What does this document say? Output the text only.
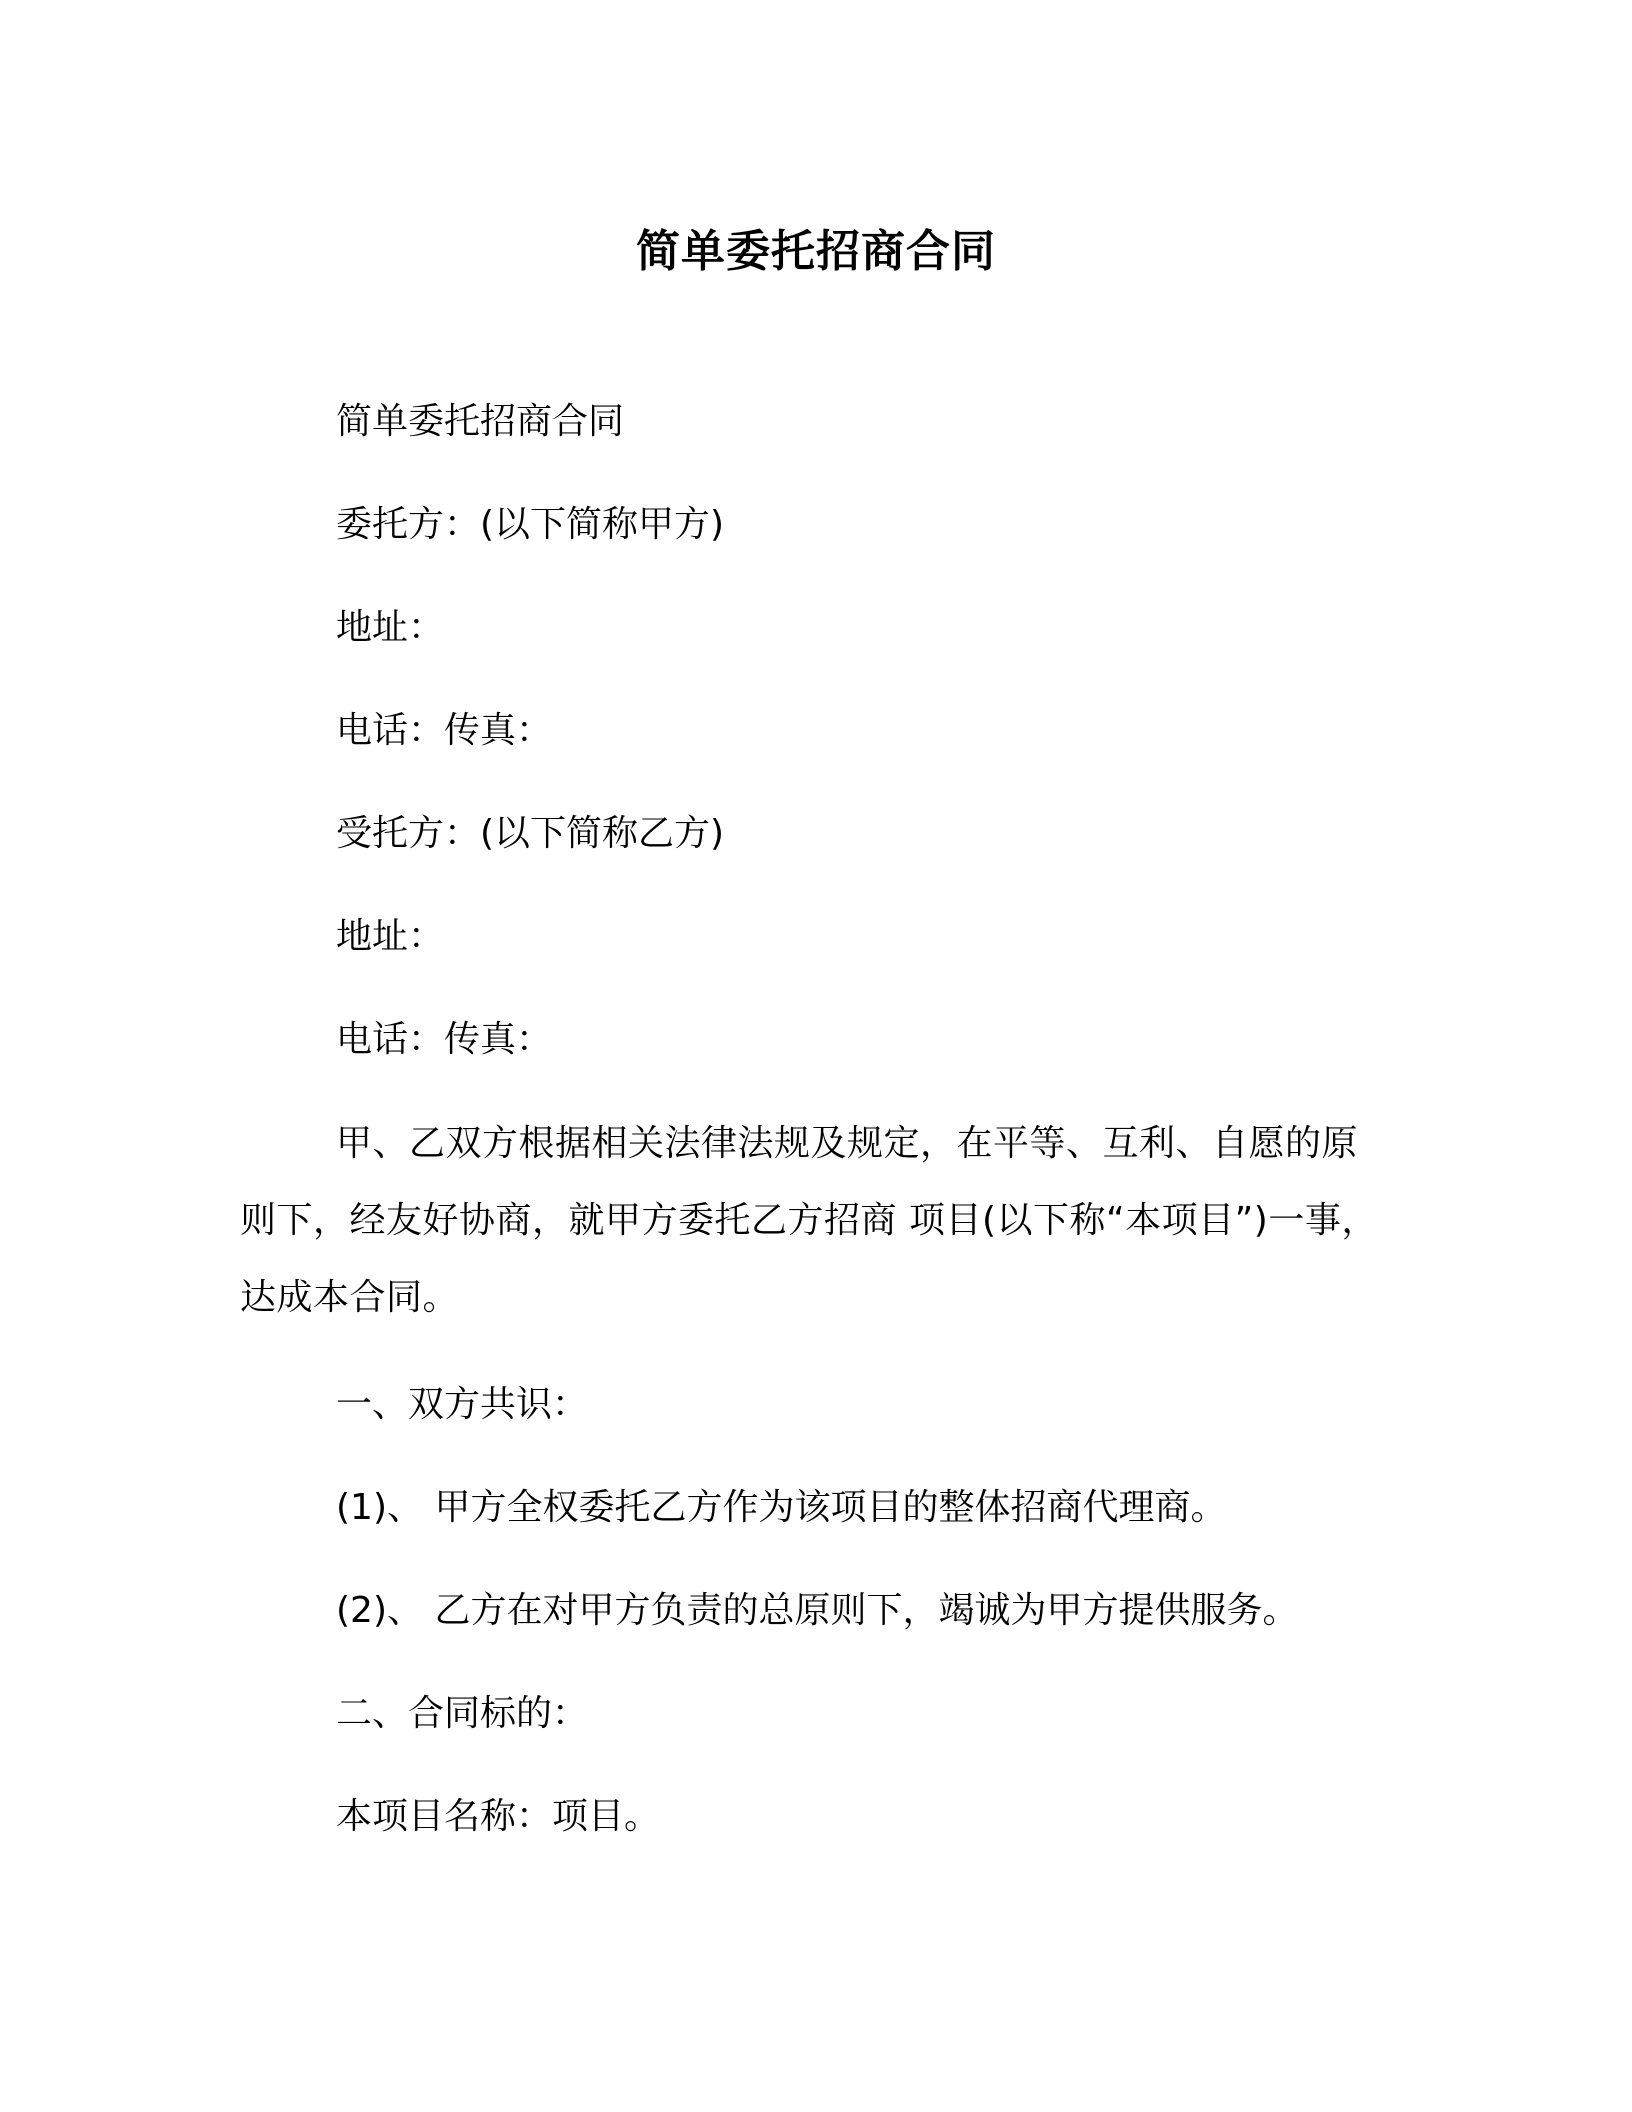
简单委托招商合同
简单委托招商合同
委托方：(以下简称甲方)
地址：
电话：传真：
受托方：(以下简称乙方)
地址：
电话：传真：
甲、乙双方根据相关法律法规及规定，在平等、互利、自愿的原则下，经友好协商，就甲方委托乙方招商 项目(以下称“本项目”)一事，达成本合同。
一、双方共识：
(1)、 甲方全权委托乙方作为该项目的整体招商代理商。
(2)、 乙方在对甲方负责的总原则下，竭诚为甲方提供服务。
二、合同标的：
本项目名称：项目。
